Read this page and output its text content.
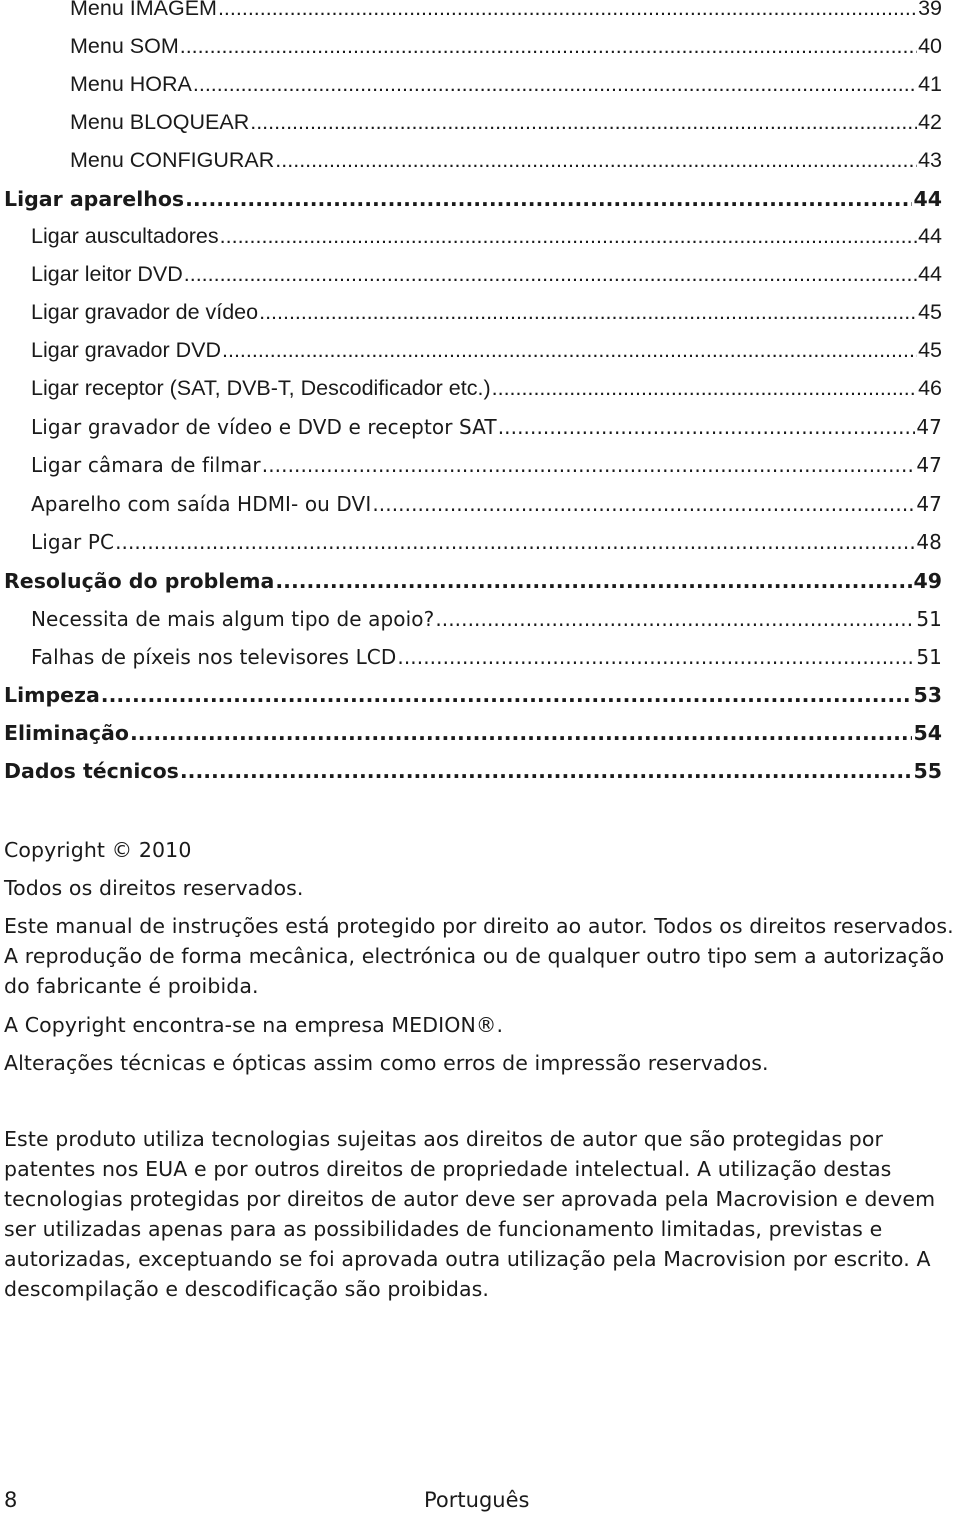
Menu IMAGEM .....	39
Menu SOM .....	40
Menu HORA .....	41
Menu BLOQUEAR .....	42
Menu CONFIGURAR .....	43
Ligar aparelhos .....	44
Ligar auscultadores .....	44
Ligar leitor DVD .....	44
Ligar gravador de vídeo .....	45
Ligar gravador DVD .....	45
Ligar receptor (SAT, DVB-T, Descodificador etc.) .....	46
Ligar gravador de vídeo e DVD e receptor SAT .....	47
Ligar câmara de filmar .....	47
Aparelho com saída HDMI- ou DVI .....	47
Ligar PC .....	48
Resolução do problema .....	49
Necessita de mais algum tipo de apoio? .....	51
Falhas de píxeis nos televisores LCD .....	51
Limpeza .....	53
Eliminação .....	54
Dados técnicos .....	55

Copyright © 2010

Todos os direitos reservados.

Este manual de instruções está protegido por direito ao autor. Todos os direitos reservados. A reprodução de forma mecânica, electrónica ou de qualquer outro tipo sem a autorização do fabricante é proibida.

A Copyright encontra-se na empresa MEDION®.

Alterações técnicas e ópticas assim como erros de impressão reservados.

Este produto utiliza tecnologias sujeitas aos direitos de autor que são protegidas por patentes nos EUA e por outros direitos de propriedade intelectual. A utilização destas tecnologias protegidas por direitos de autor deve ser aprovada pela Macrovision e devem ser utilizadas apenas para as possibilidades de funcionamento limitadas, previstas e autorizadas, exceptuando se foi aprovada outra utilização pela Macrovision por escrito. A descompilação e descodificação são proibidas.

8	Português
